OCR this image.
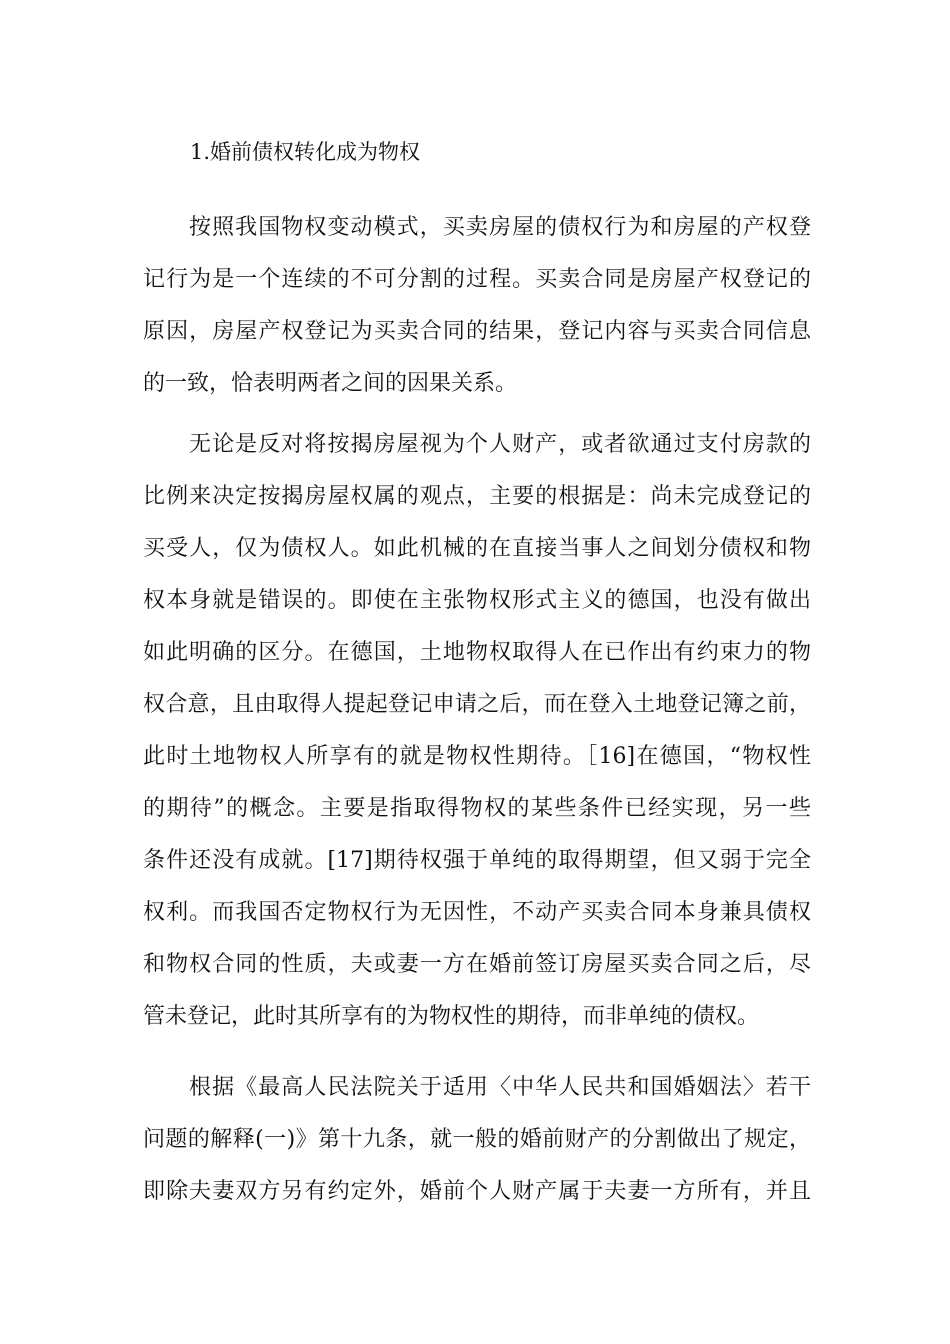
1.婚前债权转化成为物权
按照我国物权变动模式，买卖房屋的债权行为和房屋的产权登
记行为是一个连续的不可分割的过程。买卖合同是房屋产权登记的
原因，房屋产权登记为买卖合同的结果，登记内容与买卖合同信息
的一致，恰表明两者之间的因果关系。
无论是反对将按揭房屋视为个人财产，或者欲通过支付房款的
比例来决定按揭房屋权属的观点，主要的根据是：尚未完成登记的
买受人，仅为债权人。如此机械的在直接当事人之间划分债权和物
权本身就是错误的。即使在主张物权形式主义的德国，也没有做出
如此明确的区分。在德国，土地物权取得人在已作出有约束力的物
权合意，且由取得人提起登记申请之后，而在登入土地登记簿之前，
此时土地物权人所享有的就是物权性期待。［16]在德国，“物权性
的期待”的概念。主要是指取得物权的某些条件已经实现，另一些
条件还没有成就。[17]期待权强于单纯的取得期望，但又弱于完全
权利。而我国否定物权行为无因性，不动产买卖合同本身兼具债权
和物权合同的性质，夫或妻一方在婚前签订房屋买卖合同之后，尽
管未登记，此时其所享有的为物权性的期待，而非单纯的债权。
根据《最高人民法院关于适用〈中华人民共和国婚姻法〉若干
问题的解释(一)》第十九条，就一般的婚前财产的分割做出了规定，
即除夫妻双方另有约定外，婚前个人财产属于夫妻一方所有，并且
